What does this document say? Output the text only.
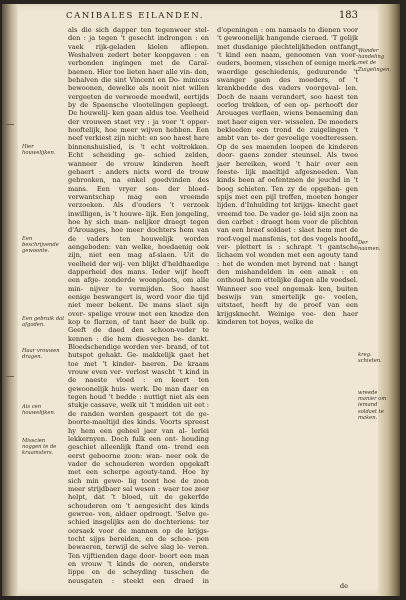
CANIBALES EILANDEN.	183

als die sich dapper ten tegenweer stel- den : ja tegen 't gesecht indrongen : en vaek rijk-geladen kielen afliepen. Weshalven zedert beter koopgaven : en verbonden ingingen met de Caraï- baenen. Hier toe lieten haer alle vin- den, behalven die sint Vincent en Do- minicus bewoonen, dewelke als nooit niet willen vergeeten de verwoede moedwil, eertijds by de Spaensche vlootelingen gepleegt. De houwelij- ken gaan aldus toe. Veelheid der vrouwen staet vry : ja voor 't opper- hooftelijk, hoe meer wijven hebben. Een neef verkiest zijn nicht: en soo haest hare binnenshuislied, is 't echt voltrokken. Echt scheiding ge- schied zelden, wanneer de vrouw kinderen heeft gebaert : anders nicts word de trouw gebrooken, na enkel goedvinden des mans. Een vryer son- der bloed-verwantschap mag een vreemde verzoeken. Als d'ouders 't verzoek inwilligen, is 't houwe- lijk. Een jongeling, hoe hy sich man- nelijker draegt tegen d'Arouages, hoe meer dochters hem van de vaders ten houwelijk worden aengeboden: van welke, hoedaenig ook zijn, niet een mag af-slaen. Uit de veelheid der wij- ven blijkt d'heldhaedige dapperheid des mans. Ieder wijf heeft een afge- zonderde woonplaets, om alle min- nijver te vermijden. Soo haest eenige beswangert is, word voor die tijd niet meer bekent. De mans slaet sijn over- spelige vrouw met een knodze den kop te flarzen, of tant haer de bulk op. Geeft de daed den schoon-vader te kennen : die hem diesvegen be- dankt. Bloedschendige worden ver- brand, of tot hutspot gehakt. Ge- makkelijk gaet het toe met 't kinder- baeren. De kraam vrouw even ver- verlost wascht 't kind in de naeste vloed : en keert ten gewoonelijk huis- werk. De man daer en tegen houd 't bedde : nuttigt niet als een stukje cassave, welk uit 't midden uit eet : de randen worden gespaert tot de ge- boorte-maeltijd des kinds. Voorts spreest hy hem een geheel jaer van al- lerlei lekkernyen. Doch fulk een ont- houding geschiet alleenlijk ftand om- trend een eerst geboorne zoon: wan- neer ook de vader de schouderen worden opgekaft met een scherpe agouty-tand. Hoe hy sich min gewo- lig toont hoe de zoon meer strijdbaer sal wesen : waer toe zeer helpt, dat 't bloed, uit de gekerfde schouderen om 't aengesicht des kinds gewree- ven, aldaer opdroogt. 'Selve ge- schied insgelijks aen de dochteriens: ter oorsaek voor de mannen op de krijgs-tocht sijps bereiden, en de schoe- pen bewaeren, terwijl de selve slag le- veren. Ten vijftienden dage door- boort een man en vrouw 't kinds de ooren, onderste lippe en de scheyding tusschen de neusgaten : steekt een draed in d'openingen : om namaels to dienen voor 't gewoonelijk hangende cieraed. 'T gelijk met dusdanige plechtelijkheden ontfangt 't kind een naam, genoomen van voor-ouders, boomen, visschen of eenige merk- waerdige geschiedenis, geduurende 't swanger gaen des moeders, of 't krankbedde des vaders voorgeval- len. Doch de naam verandert, soo haest ten oorlog trekken, of een op- perhooft der Arouages verflaen, wiens benaeming dan met haer eigen ver- wisselen. De moeders bekleeden een trond de zuigelingen 't ambt van te- der gevoelige voedteressen. Op de ses maenden loopen de kinderen door- gaens zonder steunsel. Als twee jaer bereiken, word 't hair over een feeste- lijk maeltijd afgesneeden. Van kinds been af oefentmen de jeuchd in 't boog schieten. Ten zy de opgehan- gen spijs met een pijl treffen, moeten honger lijden. d'Inhulding tot krijgs- knecht gaet vreemd toe. De vader ge- leid sijn zoon na den carbet : draegt hem voor de plichten van een braef soldaet : slaet hem met de roof-vogel mansfenis, tot des vogels hoofd ver- plettert is : schrapt 't gantsche lichaem vol wonden met een agouty tand : het de wonden met byrend nat : hangt den mishandelden in een amak : en onthoud hem ettelijke dagen alle voedsel. Wanneer soo veel ongemak- ken, buiten beswijs van smertelijk ge- voelen, uitstaet, heeft hy de proef van een krijgsknecht. Weinige voe- den haer kinderen tot boyes, welke de

Hier houwelijken.
Een beschrijvende gewoonte.
Een gebruik dat afgoden.
Haar vrouwen dragen.
Ais cen houwelijken.
Misscien noggen te de kraamsters.
Wonder handeling met de Zuigelingen.
Der naamen.
kreg. schieten.
wreede manier om iemand soldaet te maken.
de
